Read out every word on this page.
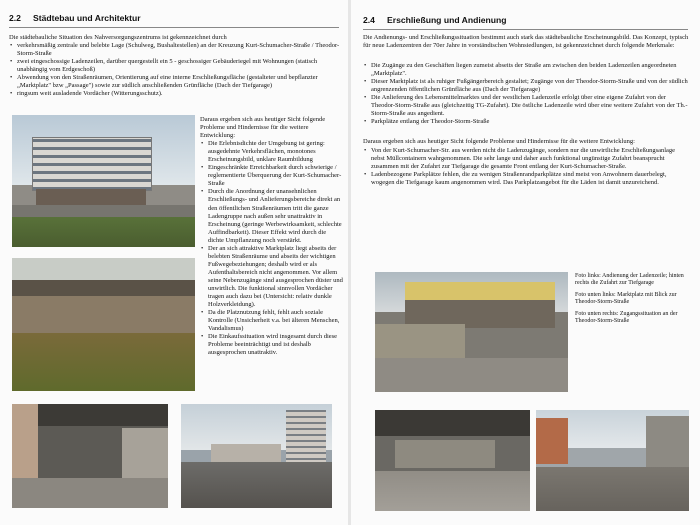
2.2 Städtebau und Architektur

Die städtebauliche Situation des Nahversorgungszentrums ist gekennzeichnet durch

• verkehrsmäßig zentrale und belebte Lage (Schulweg, Bushaltestellen) an der Kreuzung Kurt-Schumacher-Straße / Theodor-Storm-Straße
• zwei eingeschossige Ladenzeilen, darüber quergestellt ein 5 - geschossiger Gebäuderiegel mit Wohnungen (statisch unabhängig vom Erdgeschoß)
• Abwendung von den Straßenräumen, Orientierung auf eine interne Erschließungsfläche (gestalteter und bepflanzter „Marktplatz" bzw „Passage") sowie zur südlich anschließenden Grünfläche (Dach der Tiefgarage)
• ringsum weit ausladende Vordächer (Witterungsschutz).

Daraus ergeben sich aus heutiger Sicht folgende Probleme und Hindernisse für die weitere Entwicklung:

• Die Erlebnisdichte der Umgebung ist gering: ausgedehnte Verkehrsflächen, monotones Erscheinungsbild, unklare Raumbildung
• Eingeschränkte Erreichbarkeit durch schwierige / reglementierte Überquerung der Kurt-Schumacher-Straße
• Durch die Anordnung der unansehnlichen Erschließungs- und Anlieferungsbereiche direkt an den öffentlichen Straßenräumen tritt die ganze Ladengruppe nach außen sehr unattraktiv in Erscheinung (geringe Werbewirksamkeit, schlechte Auffindbarkeit). Dieser Effekt wird durch die dichte Umpflanzung noch verstärkt.
• Der an sich attraktive Marktplatz liegt abseits der belebten Straßenräume und abseits der wichtigen Fußwegebeziehungen; deshalb wird er als Aufenthaltsbereich nicht angenommen. Vor allem seine Nebenzugänge sind ausgesprochen düster und unwirtlich. Die funktional sinnvollen Vordächer tragen auch dazu bei (Untersicht: relativ dunkle Holzverkleidung).
• Da die Platznutzung fehlt, fehlt auch soziale Kontrolle (Unsicherheit v.a. bei älteren Menschen, Vandalismus)
• Die Einkaufssituation wird insgesamt durch diese Probleme beeinträchtigt und ist deshalb ausgesprochen unattraktiv.
2.4 Erschließung und Andienung

Die Andienungs- und Erschließungssituation bestimmt auch stark das städtebauliche Erscheinungsbild. Das Konzept, typisch für neue Ladenzentren der 70er Jahre in vorständischen Wohnsiedlungen, ist gekennzeichnet durch folgende Merkmale:

• Die Zugänge zu den Geschäften liegen zumeist abseits der Straße am zwischen den beiden Ladenzeilen angeordneten „Marktplatz".
• Dieser Marktplatz ist als ruhiger Fußgängerbereich gestaltet; Zugänge von der Theodor-Storm-Straße und von der südlich angrenzenden öffentlichen Grünfläche aus (Dach der Tiefgarage)
• Die Anlieferung des Lebensmittelmarktes und der westlichen Ladenzeile erfolgt über eine eigene Zufahrt von der Theodor-Storm-Straße aus (gleichzeitig TG-Zufahrt). Die östliche Ladenzeile wird über eine weitere Zufahrt von der Th.-Storm-Straße aus angedient.
• Parkplätze entlang der Theodor-Storm-Straße

Daraus ergeben sich aus heutiger Sicht folgende Probleme und Hindernisse für die weitere Entwicklung:

• Von der Kurt-Schumacher-Str. aus werden nicht die Ladenzugänge, sondern nur die unwirtliche Erschließungsanlage nebst Müllcontainern wahrgenommen. Die sehr lange und daher auch funktional ungünstige Zufahrt beansprucht zusammen mit der Zufahrt zur Tiefgarage die gesamte Front entlang der Kurt-Schumacher-Straße.
• Ladenbezogene Parkplätze fehlen, die zu wenigen Straßenrandparkplätze sind meist von Anwohnern dauerbelegt, wogegen die Tiefgarage kaum angenommen wird. Das Parkplatzangebot für die Läden ist damit unzureichend.

Foto links: Andienung der Ladenzeile; hinten rechts die Zufahrt zur Tiefgarage

Foto unten links: Marktplatz mit Blick zur Theodor-Storm-Straße

Foto unten rechts: Zugangssituation an der Theodor-Storm-Straße
